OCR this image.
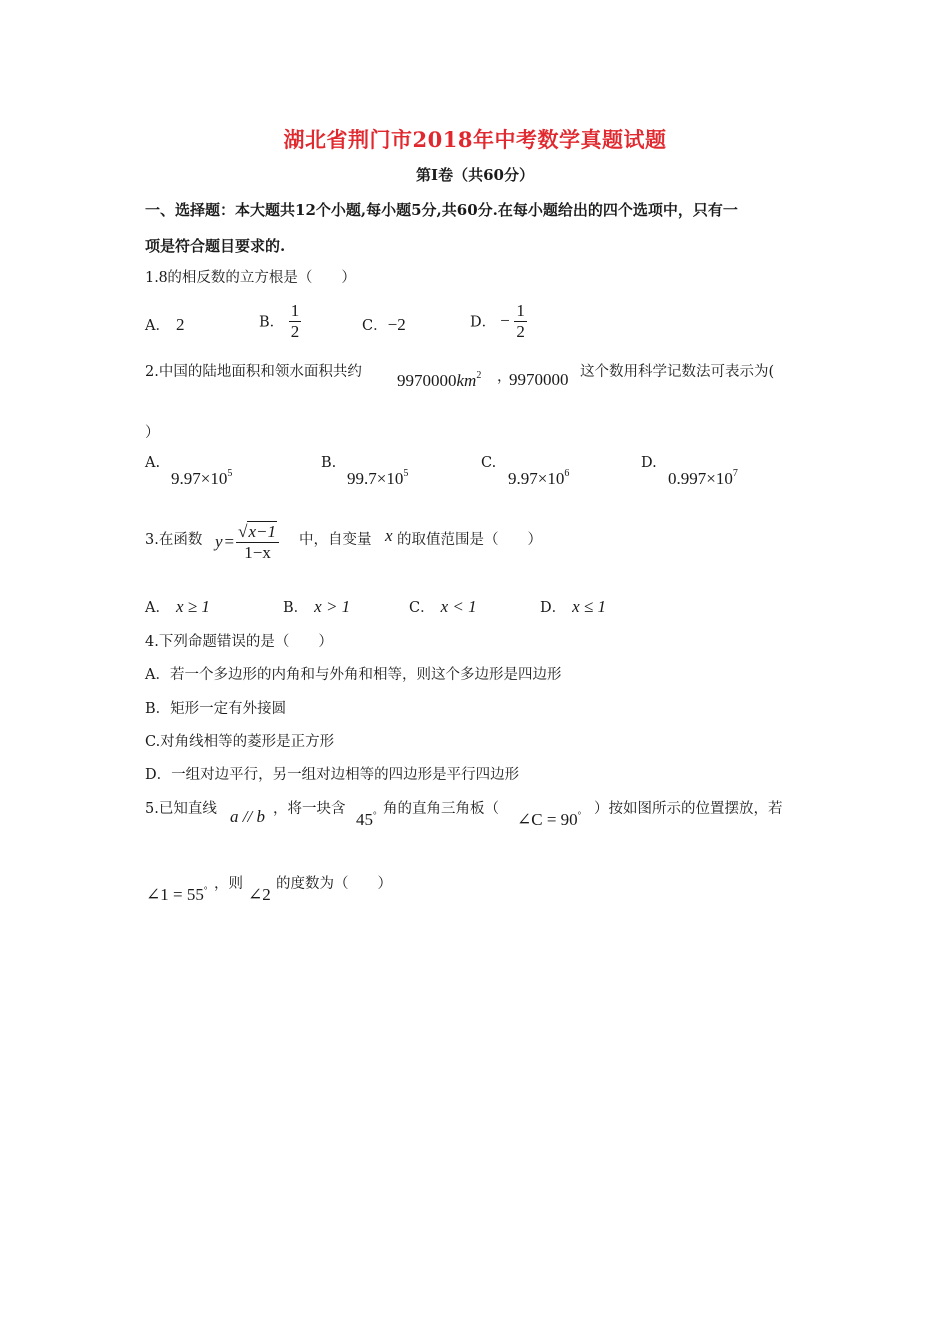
湖北省荆门市2018年中考数学真题试题
第Ⅰ卷（共60分）
一、选择题：本大题共12个小题,每小题5分,共60分.在每小题给出的四个选项中，只有一
项是符合题目要求的.
1.8的相反数的立方根是（　　）
A． 2	B． $\frac{1}{2}$	C．−2	D． − $\frac{1}{2}$
2.中国的陆地面积和领水面积共约 $9970000km^2$ ，
9970000 这个数用科学记数法可表示为(
）
A.
$9.97\times 10^5$
B.
$99.7\times 10^5$
C.
$9.97\times 10^6$
D.
$0.997\times 10^7$
3.在函数 $y = \frac{√x-1}{1-x}$ 中，自变量 x 的取值范围是（　　）
A． x ≥ 1	B． x > 1	C． x < 1	D． x ≤ 1
4.下列命题错误的是（　　）
A．若一个多边形的内角和与外角和相等，则这个多边形是四边形
B．矩形一定有外接圆
C.对角线相等的菱形是正方形
D．一组对边平行，另一组对边相等的四边形是平行四边形
5.已知直线 a // b ，将一块含
45° 角的直角三角板（
∠C = 90° ）按如图所示的位置摆放，若
∠1 = 55° ，则
∠2
的度数为（　　）
